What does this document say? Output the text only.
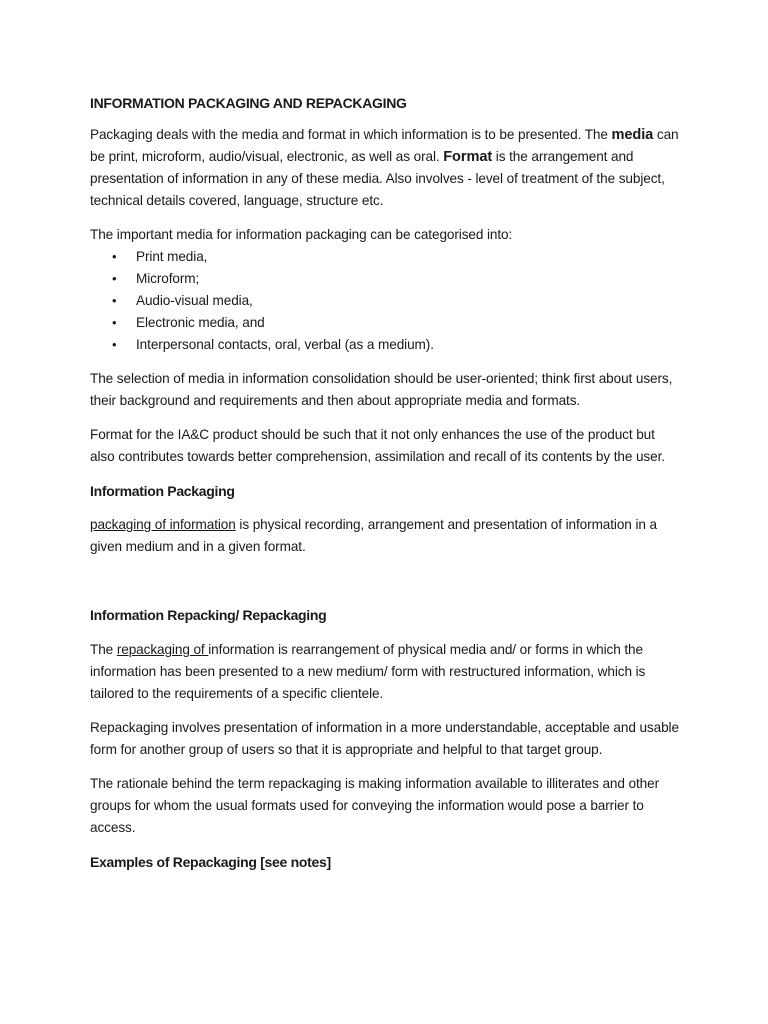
INFORMATION PACKAGING AND REPACKAGING

Packaging deals with the media and format in which information is to be presented. The media can be print, microform, audio/visual, electronic, as well as oral. Format is the arrangement and presentation of information in any of these media. Also involves - level of treatment of the subject, technical details covered, language, structure etc.

The important media for information packaging can be categorised into:

• Print media,
• Microform;
• Audio-visual media,
• Electronic media, and
• Interpersonal contacts, oral, verbal (as a medium).

The selection of media in information consolidation should be user-oriented; think first about users, their background and requirements and then about appropriate media and formats.

Format for the IA&C product should be such that it not only enhances the use of the product but also contributes towards better comprehension, assimilation and recall of its contents by the user.

Information Packaging

packaging of information is physical recording, arrangement and presentation of information in a given medium and in a given format.

Information Repacking/ Repackaging

The repackaging of information is rearrangement of physical media and/ or forms in which the information has been presented to a new medium/ form with restructured information, which is tailored to the requirements of a specific clientele.

Repackaging involves presentation of information in a more understandable, acceptable and usable form for another group of users so that it is appropriate and helpful to that target group.

The rationale behind the term repackaging is making information available to illiterates and other groups for whom the usual formats used for conveying the information would pose a barrier to access.

Examples of Repackaging [see notes]
